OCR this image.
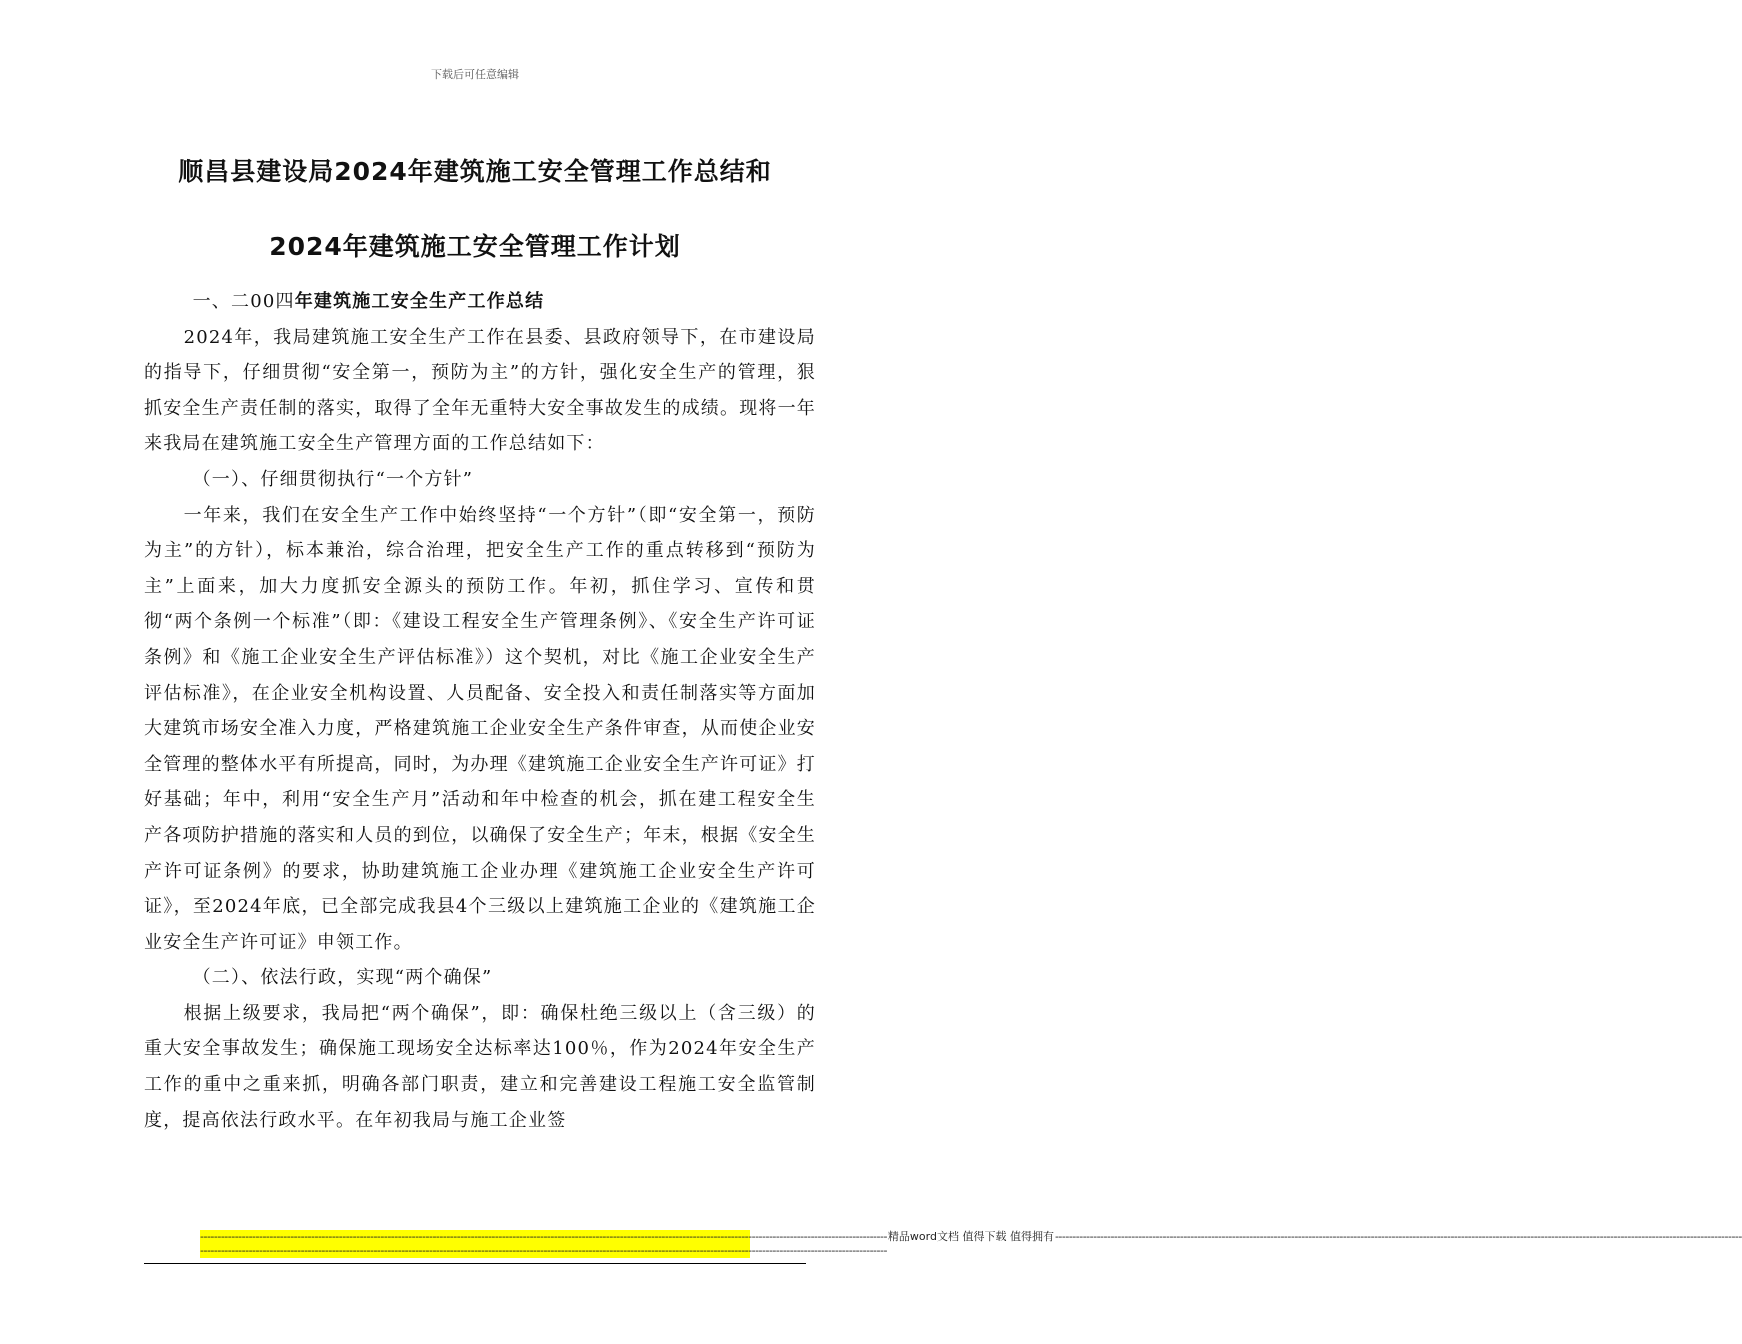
下载后可任意编辑
顺昌县建设局2024年建筑施工安全管理工作总结和
2024年建筑施工安全管理工作计划

一、二00四年建筑施工安全生产工作总结

2024年，我局建筑施工安全生产工作在县委、县政府领导下，在市建设局的指导下，仔细贯彻“安全第一，预防为主”的方针，强化安全生产的管理，狠抓安全生产责任制的落实，取得了全年无重特大安全事故发生的成绩。现将一年来我局在建筑施工安全生产管理方面的工作总结如下：

（一）、仔细贯彻执行“一个方针”

一年来，我们在安全生产工作中始终坚持“一个方针”（即“安全第一，预防为主”的方针），标本兼治，综合治理，把安全生产工作的重点转移到“预防为主”上面来，加大力度抓安全源头的预防工作。年初，抓住学习、宣传和贯彻“两个条例一个标准”（即：《建设工程安全生产管理条例》、《安全生产许可证条例》和《施工企业安全生产评估标准》）这个契机，对比《施工企业安全生产评估标准》，在企业安全机构设置、人员配备、安全投入和责任制落实等方面加大建筑市场安全准入力度，严格建筑施工企业安全生产条件审查，从而使企业安全管理的整体水平有所提高，同时，为办理《建筑施工企业安全生产许可证》打好基础；年中，利用“安全生产月”活动和年中检查的机会，抓在建工程安全生产各项防护措施的落实和人员的到位，以确保了安全生产；年末，根据《安全生产许可证条例》的要求，协助建筑施工企业办理《建筑施工企业安全生产许可证》，至2024年底，已全部完成我县4个三级以上建筑施工企业的《建筑施工企业安全生产许可证》申领工作。

（二）、依法行政，实现“两个确保”

根据上级要求，我局把“两个确保”，即：确保杜绝三级以上（含三级）的重大安全事故发生；确保施工现场安全达标率达100％，作为2024年安全生产工作的重中之重来抓，明确各部门职责，建立和完善建设工程施工安全监管制度，提高依法行政水平。在年初我局与施工企业签

------------------------------------------------------------------------------------------------------------------------------------------------------------------------------------------------------ 精品word文档 值得下载 值得拥有 ------------------------------------------------------------------------------------------------------------------------------------------------------------------------------------------------------
------------------------------------------------------------------------------------------------------------------------------------------------------------------------------------------------------
